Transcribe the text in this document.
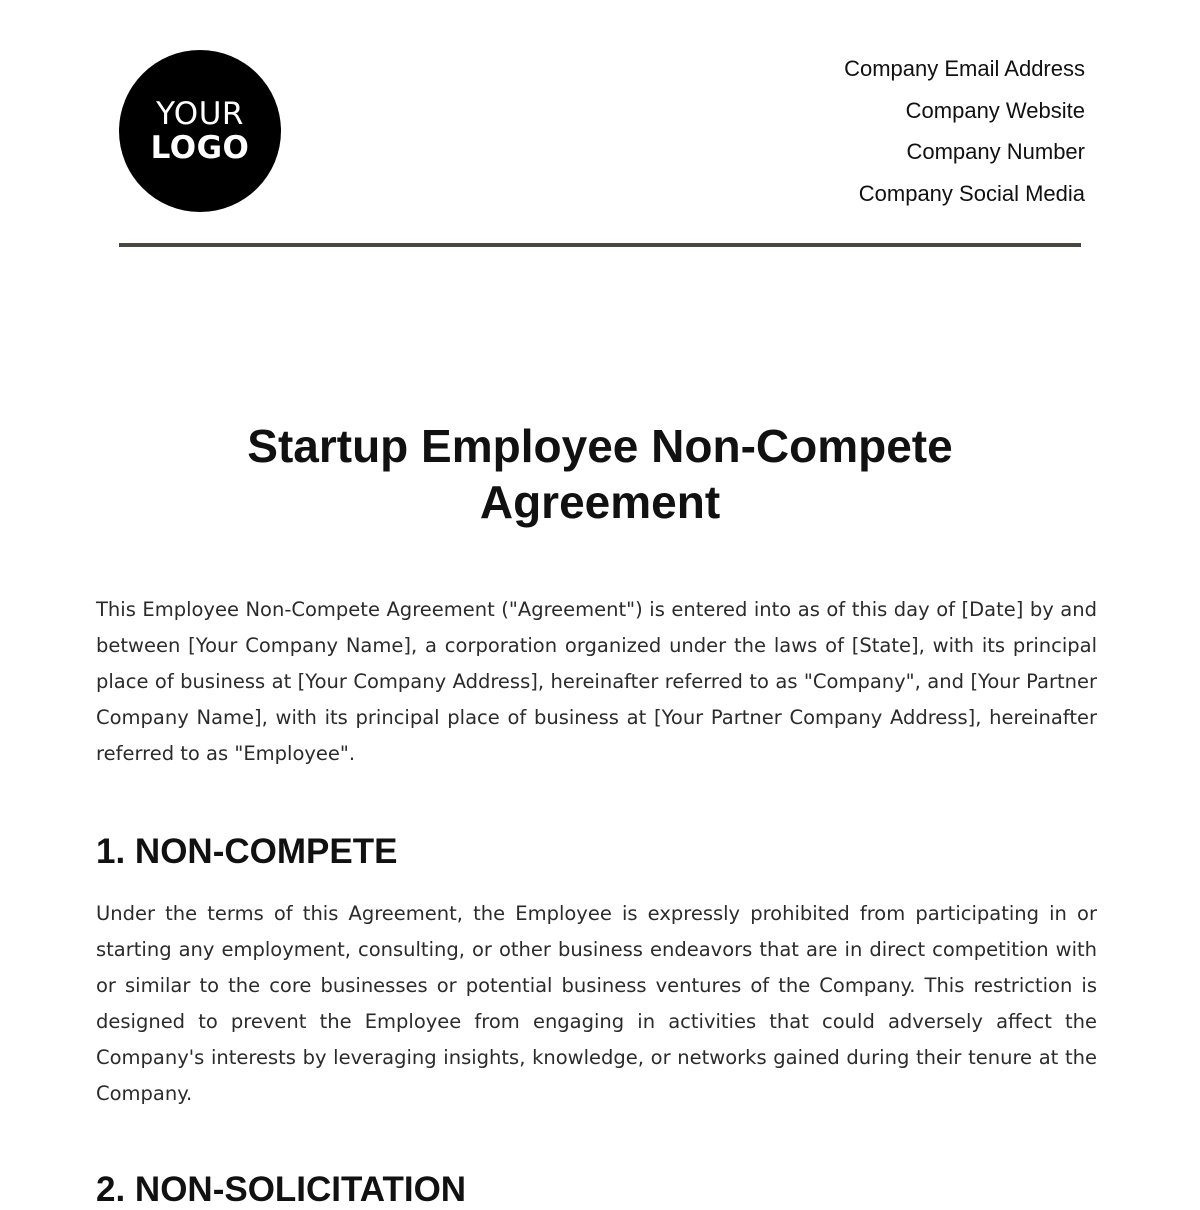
YOUR
LOGO
Company Email Address
Company Website
Company Number
Company Social Media
Startup Employee Non-Compete
Agreement

This Employee Non-Compete Agreement ("Agreement") is entered into as of this day of [Date] by and between [Your Company Name], a corporation organized under the laws of [State], with its principal place of business at [Your Company Address], hereinafter referred to as "Company", and [Your Partner Company Name], with its principal place of business at [Your Partner Company Address], hereinafter referred to as "Employee".

1. NON-COMPETE

Under the terms of this Agreement, the Employee is expressly prohibited from participating in or starting any employment, consulting, or other business endeavors that are in direct competition with or similar to the core businesses or potential business ventures of the Company. This restriction is designed to prevent the Employee from engaging in activities that could adversely affect the Company's interests by leveraging insights, knowledge, or networks gained during their tenure at the Company.

2. NON-SOLICITATION
